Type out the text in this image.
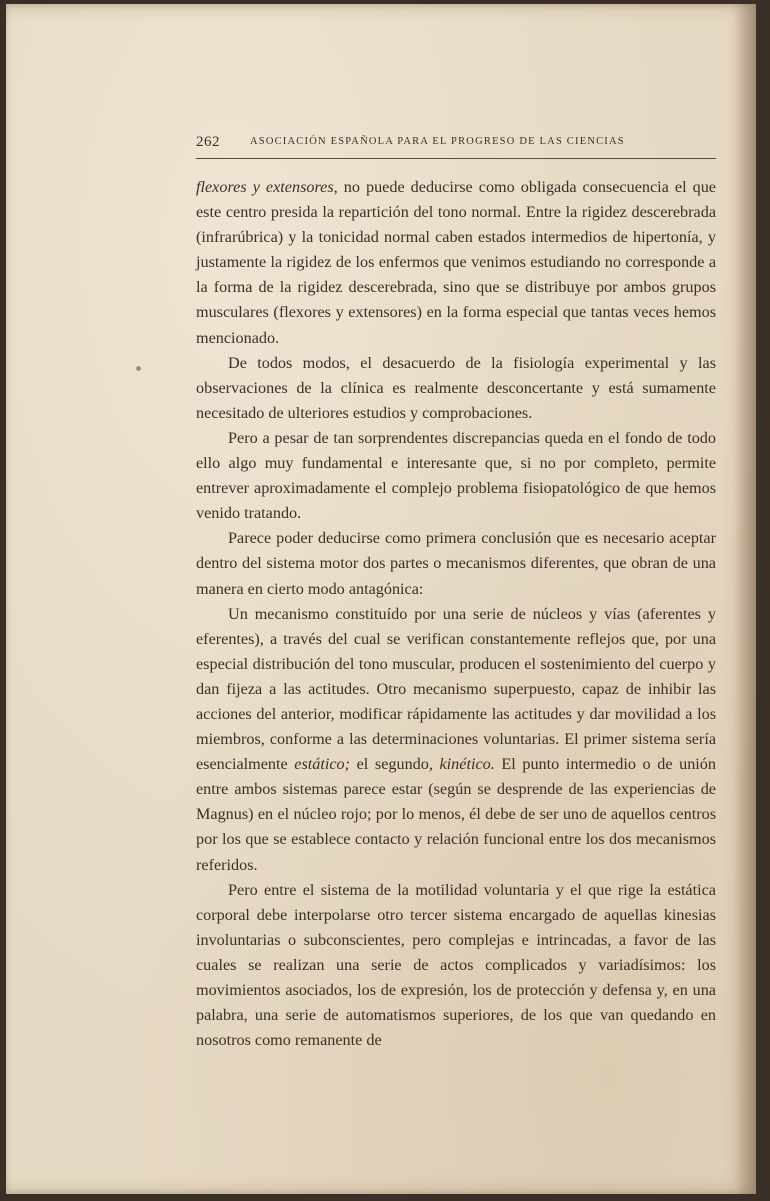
262	ASOCIACIÓN ESPAÑOLA PARA EL PROGRESO DE LAS CIENCIAS

flexores y extensores, no puede deducirse como obligada consecuencia el que este centro presida la repartición del tono normal. Entre la rigidez descerebrada (infrarúbrica) y la tonicidad normal caben estados intermedios de hipertonía, y justamente la rigidez de los enfermos que venimos estudiando no corresponde a la forma de la rigidez descerebrada, sino que se distribuye por ambos grupos musculares (flexores y extensores) en la forma especial que tantas veces hemos mencionado.

De todos modos, el desacuerdo de la fisiología experimental y las observaciones de la clínica es realmente desconcertante y está sumamente necesitado de ulteriores estudios y comprobaciones.

Pero a pesar de tan sorprendentes discrepancias queda en el fondo de todo ello algo muy fundamental e interesante que, si no por completo, permite entrever aproximadamente el complejo problema fisiopatológico de que hemos venido tratando.

Parece poder deducirse como primera conclusión que es necesario aceptar dentro del sistema motor dos partes o mecanismos diferentes, que obran de una manera en cierto modo antagónica:

Un mecanismo constituído por una serie de núcleos y vías (aferentes y eferentes), a través del cual se verifican constantemente reflejos que, por una especial distribución del tono muscular, producen el sostenimiento del cuerpo y dan fijeza a las actitudes. Otro mecanismo superpuesto, capaz de inhibir las acciones del anterior, modificar rápidamente las actitudes y dar movilidad a los miembros, conforme a las determinaciones voluntarias. El primer sistema sería esencialmente estático; el segundo, kinético. El punto intermedio o de unión entre ambos sistemas parece estar (según se desprende de las experiencias de Magnus) en el núcleo rojo; por lo menos, él debe de ser uno de aquellos centros por los que se establece contacto y relación funcional entre los dos mecanismos referidos.

Pero entre el sistema de la motilidad voluntaria y el que rige la estática corporal debe interpolarse otro tercer sistema encargado de aquellas kinesias involuntarias o subconscientes, pero complejas e intrincadas, a favor de las cuales se realizan una serie de actos complicados y variadísimos: los movimientos asociados, los de expresión, los de protección y defensa y, en una palabra, una serie de automatismos superiores, de los que van quedando en nosotros como remanente de
